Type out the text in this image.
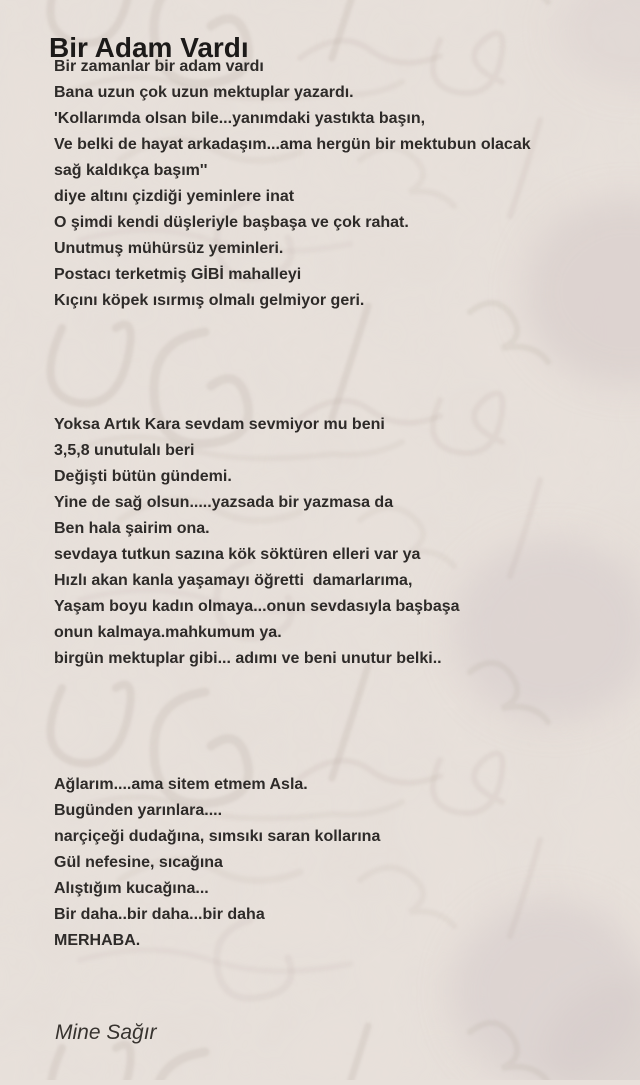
Bir Adam Vardı
Bir zamanlar bir adam vardı
Bana uzun çok uzun mektuplar yazardı.
'Kollarımda olsan bile...yanımdaki yastıkta başın,
Ve belki de hayat arkadaşım...ama hergün bir mektubun olacak
sağ kaldıkça başım''
diye altını çizdiği yeminlere inat
O şimdi kendi düşleriyle başbaşa ve çok rahat.
Unutmuş mühürsüz yeminleri.
Postacı terketmiş GİBİ mahalleyi
Kıçını köpek ısırmış olmalı gelmiyor geri.
Yoksa Artık Kara sevdam sevmiyor mu beni
3,5,8 unutulalı beri
Değişti bütün gündemi.
Yine de sağ olsun.....yazsada bir yazmasa da
Ben hala şairim ona.
sevdaya tutkun sazına kök söktüren elleri var ya
Hızlı akan kanla yaşamayı öğretti  damarlarıma,
Yaşam boyu kadın olmaya...onun sevdasıyla başbaşa
onun kalmaya.mahkumum ya.
birgün mektuplar gibi... adımı ve beni unutur belki..
Ağlarım....ama sitem etmem Asla.
Bugünden yarınlara....
narçiçeği dudağına, sımsıkı saran kollarına
Gül nefesine, sıcağına
Alıştığım kucağına...
Bir daha..bir daha...bir daha
MERHABA.
Mine Sağır
